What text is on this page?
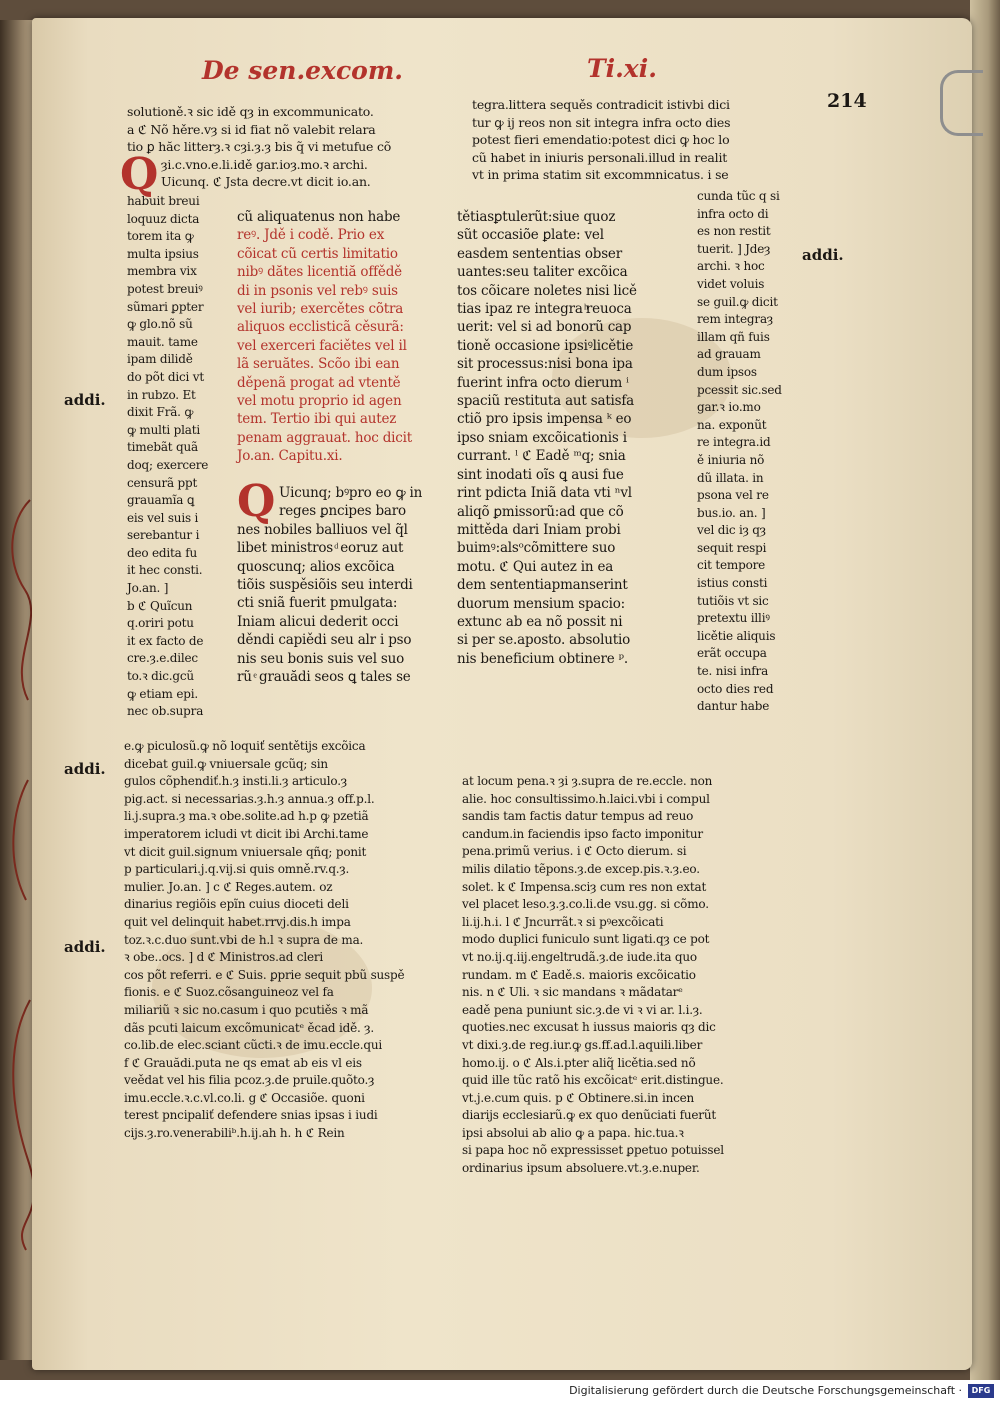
De sen.excom.	Ti.xi.
214
solutioně.ꝛ sic idě qȝ in excommunicato.
a ℭ Nõ hěre.vȝ si id fiat nõ valebit relara
tio ꝑ hăc litterȝ.ꝛ cȝi.ȝ.ȝ bis q̃ vi metufue cõ
ȝi.c.vno.e.li.idě gar.ioȝ.mo.ꝛ archi.
Uicunq. ℭ Jsta decre.vt dicit io.an.
Q
tegra.littera sequěs contradicit istivbi dici
tur ꝙ ij reos non sit integra infra octo dies
potest fieri emendatio:potest dici ꝙ hoc lo
cũ habet in iniuris personali.illud in realit
vt in prima statim sit excommnicatus. i se
habuit breui
loquuz dicta
torem ita ꝙ
multa ipsius
membra vix
potest breuiꝰ
sũmari ꝑpter
ꝙ glo.nõ sũ
mauit. tame
ipam dilidě
do põt dici vt
in rubzo. Et
dixit Frã. ꝙ
ꝙ multi plati
timebãt quã
doq; exercere
censurã ppt
grauamĩa ꝗ
eis vel suis i
serebantur i
deo edita fu
it hec consti.
Jo.an. ]
b ℭ Quĩcun
q.oriri potu
it ex facto de
cre.ȝ.e.dilec
to.ꝛ dic.gcũ
ꝙ etiam epi.
nec ob.supra
cũ aliquatenus non habe
reꝰ. Jdě i codě. Prio ex
cõicat cũ certis limitatio
nibꝰ dătes licentiă offědě
di in psonis vel rebꝰ suis
vel iurib; exercětes cõtra
aliquos ecclisticã cěsurã:
vel exerceri faciětes vel il
lã seruătes. Scõo ibi ean
děpenã progat ad vtentě
vel motu proprio id agen
tem. Tertio ibi qui autez
penam aggrauat. hoc dicit
Jo.an. Capitu.xi.
Q Uicunq; bꝰpro eo ꝙ in
reges ꝑncipes baro
nes nobiles balliuos vel q̃l
libet ministros ͩ eoruz aut
quoscunq; alios excõica
tiõis suspěsiõis seu interdi
cti sniã fuerit pmulgata:
Iniam alicui dederit occi
děndi capiědi seu alr i pso
nis seu bonis suis vel suo
rũ ͤ grauădi seos ꝗ tales se
tětiasꝑtulerũt:siue quoz
sũt occasiõe ꝑlate: vel
easdem sententias obser
uantes:seu taliter excõica
tos cõicare noletes nisi licě
tias ipaz re integra ͪreuoca
uerit: vel si ad bonorũ cap
tioně occasione ipsiꝰlicětie
sit processus:nisi bona ipa
fuerint infra octo dierum ⁱ
spaciũ restituta aut satisfa
ctiõ pro ipsis impensa ᵏ eo
ipso sniam excõicationis i
currant. ˡ ℭ Eadě ᵐq; snia
sint inodati oĩs ꝗ ausi fue
rint pdicta Iniã data vti ⁿvl
aliqõ ꝑmissorũ:ad que cõ
mittěda dari Iniam probi
buimꝰ:alsᵒcõmittere suo
motu. ℭ Qui autez in ea
dem sententiapmanserint
duorum mensium spacio:
extunc ab ea nõ possit ni
si per se.aposto. absolutio
nis beneficium obtinere ᵖ.
cunda tũc q si
infra octo di
es non restit
tuerit. ] Jdeȝ
archi. ꝛ hoc
videt voluis
se guil.ꝙ dicit
rem integraȝ
illam qñ fuis
ad grauam
dum ipsos
pcessit sic.sed
gar.ꝛ io.mo
na. exponũt
re integra.id
ě iniuria nõ
dũ illata. in
psona vel re
bus.io. an. ]
vel dic iȝ qȝ
sequit respi
cit tempore
istius consti
tutiõis vt sic
pretextu illiꝰ
licětie aliquis
erãt occupa
te. nisi infra
octo dies red
dantur habe
e.ꝙ piculosũ.ꝙ nõ loquiť sentětijs excõica
dicebat guil.ꝙ vniuersale gcũq; sin
gulos cõphendiť.h.ȝ insti.li.ȝ articulo.ȝ
pig.act. si necessarias.ȝ.h.ȝ annua.ȝ off.p.l.
li.j.supra.ȝ ma.ꝛ obe.solite.ad h.p ꝙ pzetiã
imperatorem icludi vt dicit ibi Archi.tame
vt dicit guil.signum vniuersale qñq; ponit
p particulari.j.q.vij.si quis omně.rv.q.ȝ.
mulier. Jo.an. ] c ℭ Reges.autem. oz
dinarius regiõis epĩn cuius dioceti deli
quit vel delinquit habet.rrvj.dis.h impa
toz.ꝛ.c.duo sunt.vbi de h.l ꝛ supra de ma.
ꝛ obe..ocs. ] d ℭ Ministros.ad cleri
cos põt referri. e ℭ Suis. ꝑprie sequit pbũ suspě
fionis. e ℭ Suoz.cõsanguineoz vel fa
miliariũ ꝛ sic no.casum i quo pcutiěs ꝛ mã
dãs pcuti laicum excõmunicatᵉ ěcad idě. ȝ.
co.lib.de elec.sciant cũcti.ꝛ de imu.eccle.qui
f ℭ Grauădi.puta ne qs emat ab eis vl eis
veědat vel his filia pcoz.ȝ.de pruile.quõto.ȝ
imu.eccle.ꝛ.c.vl.co.li. g ℭ Occasiõe. quoni
terest pncipaliť defendere snias ipsas i iudi
cijs.ȝ.ro.venerabiliᵇ.h.ij.ah h. h ℭ Rein
at locum pena.ꝛ ȝi ȝ.supra de re.eccle. non
alie. hoc consultissimo.h.laici.vbi i compul
sandis tam factis datur tempus ad reuo
candum.in faciendis ipso facto imponitur
pena.primũ verius. i ℭ Octo dierum. si
milis dilatio tẽpons.ȝ.de excep.pis.ꝛ.ȝ.eo.
solet. k ℭ Impensa.sciȝ cum res non extat
vel placet leso.ȝ.ȝ.co.li.de vsu.gg. si cõmo.
li.ij.h.i. l ℭ Jncurrãt.ꝛ si pꝰexcõicati
modo duplici funiculo sunt ligati.qȝ ce pot
vt no.ij.q.iij.engeltrudã.ȝ.de iude.ita quo
rundam. m ℭ Eadě.s. maioris excõicatio
nis. n ℭ Uli. ꝛ sic mandans ꝛ mãdatarᵉ
eadě pena puniunt sic.ȝ.de vi ꝛ vi ar. l.i.ȝ.
quoties.nec excusat h iussus maioris qȝ dic
vt dixi.ȝ.de reg.iur.ꝙ gs.ff.ad.l.aquili.liber
homo.ij. o ℭ Als.i.pter aliq̃ licětia.sed nõ
quid ille tũc ratõ his excõicatᵉ erit.distingue.
vt.j.e.cum quis. p ℭ Obtinere.si.in incen
diarijs ecclesiarũ.ꝙ ex quo denũciati fuerũt
ipsi absolui ab alio ꝙ a papa. hic.tua.ꝛ
si papa hoc nõ expressisset ꝑpetuo potuissel
ordinarius ipsum absoluere.vt.ȝ.e.nuper.
addi.
addi.
addi.
addi.
Digitalisierung gefördert durch die Deutsche Forschungsgemeinschaft ·	DFG
